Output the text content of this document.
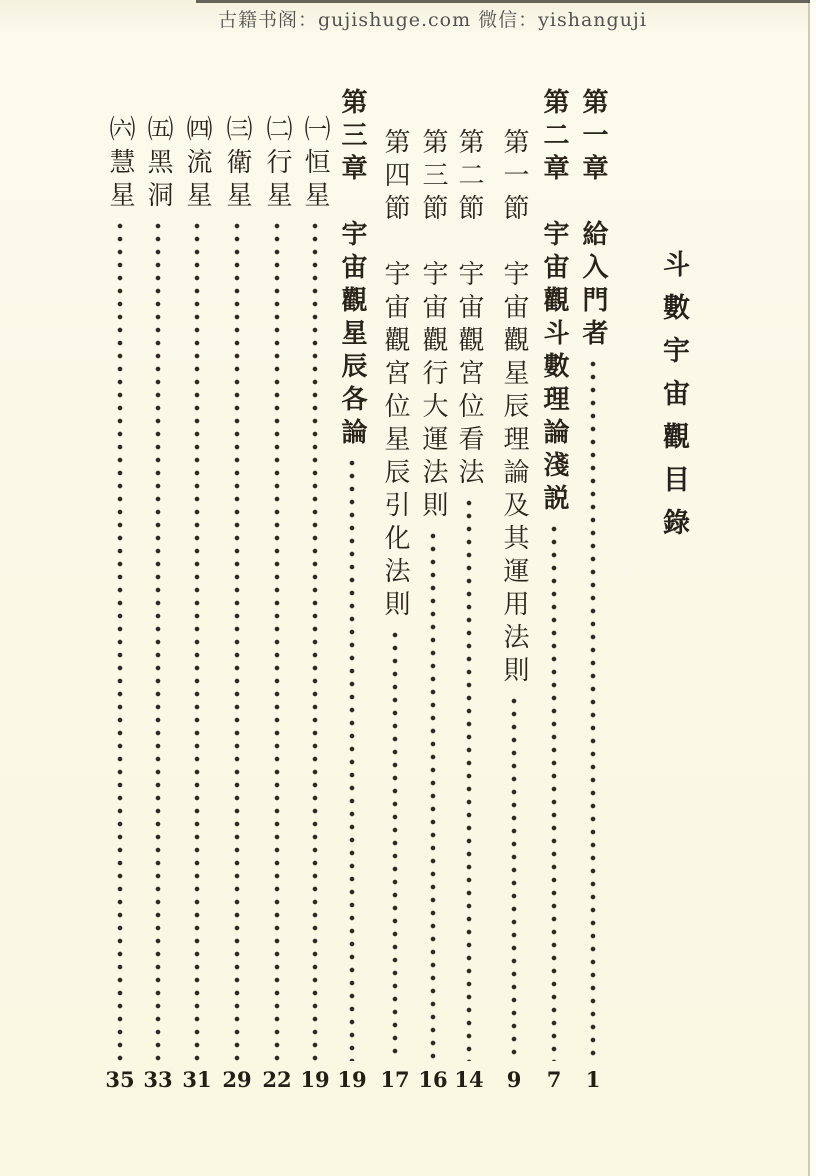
古籍书阁：gujishuge.com 微信：yishanguji
斗數宇宙觀目錄
第一章　給入門者
1
第二章　宇宙觀斗數理論淺説
7
第一節　宇宙觀星辰理論及其運用法則
9
第二節　宇宙觀宮位看法
14
第三節　宇宙觀行大運法則
16
第四節　宇宙觀宮位星辰引化法則
17
第三章　宇宙觀星辰各論
19
㈠恒星
19
㈡行星
22
㈢衛星
29
㈣流星
31
㈤黑洞
33
㈥慧星
35
